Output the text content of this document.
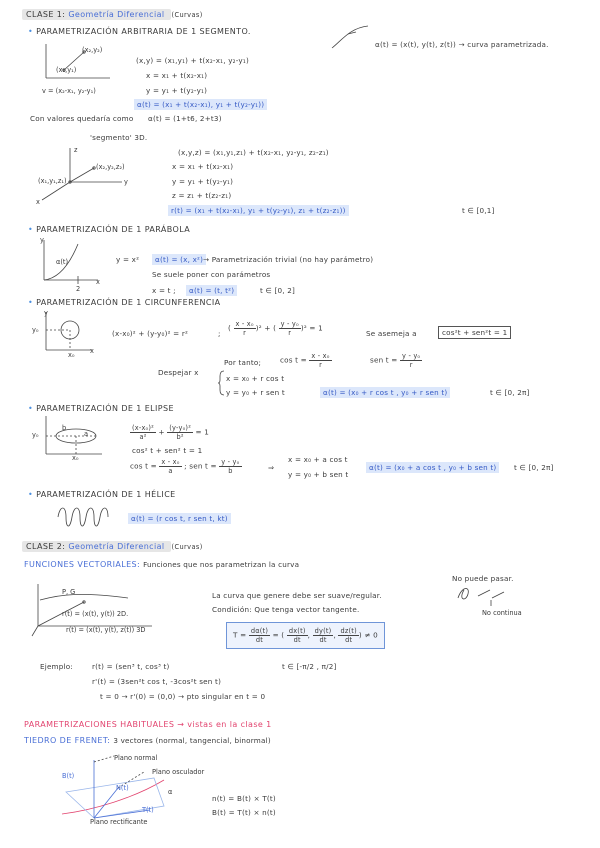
CLASE 1: Geometría Diferencial (Curvas)
α(t) = (x(t), y(t), z(t)) → curva parametrizada.
• PARAMETRIZACIÓN ARBITRARIA DE 1 SEGMENTO.
(x₂,y₂)
(x₁,y₁)
v = (x₂-x₁, y₂-y₁)
(x,y) = (x₁,y₁) + t(x₂-x₁, y₂-y₁)
x = x₁ + t(x₂-x₁)
y = y₁ + t(y₂-y₁)
α(t) = (x₁ + t(x₂-x₁), y₁ + t(y₂-y₁))
Con valores quedaría como α(t) = (1+t6, 2+t3)
'segmento' 3D.
z
y
x
(x₁,y₁,z₁)
(x₂,y₂,z₂)
(x,y,z) = (x₁,y₁,z₁) + t(x₂-x₁, y₂-y₁, z₂-z₁)
x = x₁ + t(x₂-x₁)
y = y₁ + t(y₂-y₁)
z = z₁ + t(z₂-z₁)
r(t) = (x₁ + t(x₂-x₁), y₁ + t(y₂-y₁), z₁ + t(z₂-z₁))	t ∈ [0,1]
• PARAMETRIZACIÓN DE 1 PARÁBOLA
y
x
α(t)
2
y = x²	α(t) = (x, x²) → Parametrización trivial (no hay parámetro)
Se suele poner con parámetros
x = t ;	α(t) = (t, t²)	t ∈ [0, 2]
• PARAMETRIZACIÓN DE 1 CIRCUNFERENCIA
y
x
y₀
x₀
(x-x₀)² + (y-y₀)² = r²	;
( $\frac{\text{x - x₀}}{r} )^2$ + ( $\frac{\text{y - y₀}}{r} )^2 = 1$
Se asemeja a	cos²t + sen²t = 1
Por tanto;	$\cos t = \frac{\text{x - x₀}}{r}$	sen $t = \frac{\text{y - y₀}}{r}$
Despejar x
x = x₀ + r cos t
y = y₀ + r sen t	α(t) = (x₀ + r cos t , y₀ + r sen t)	t ∈ [0, 2π]
• PARAMETRIZACIÓN DE 1 ELIPSE
y₀
x₀
b
a	$\frac{\text{(x-x₀)²}}{\text{a²}} + \frac{\text{(y-y₀)²}}{\text{b²}} = 1$
cos² t + sen² t = 1
$\cos t = \frac{\text{x - x₀}}{a}$ ; sen $t = \frac{\text{y - y₀}}{b}$	⇒
x = x₀ + a cos t
y = y₀ + b sen t
α(t) = (x₀ + a cos t , y₀ + b sen t)	t ∈ [0, 2π]
• PARAMETRIZACIÓN DE 1 HÉLICE
α(t) = (r cos t, r sen t, kt)
CLASE 2: Geometría Diferencial (Curvas)
FUNCIONES VECTORIALES: Funciones que nos parametrizan la curva
No puede pasar.
No continua
P, G
r(t) = (x(t), y(t)) 2D.
r(t) = (x(t), y(t), z(t)) 3D
La curva que genere debe ser suave/regular.
Condición: Que tenga vector tangente.
$T = \frac{d\alpha(t)}{dt}$ = ( $\frac{dx(t)}{dt}$ , $\frac{dy(t)}{dt}$ , $\frac{dz(t)}{dt}$ ) ≠ 0
Ejemplo:	r(t) = (sen³ t, cos³ t)	t ∈ [-π/2 , π/2]
r'(t) = (3sen²t cos t, -3cos²t sen t)
t = 0 → r'(0) = (0,0) → pto singular en t = 0
PARAMETRIZACIONES HABITUALES → vistas en la clase 1
TIEDRO DE FRENET: 3 vectores (normal, tangencial, binormal)
Plano normal
Plano osculador
Plano rectificante
B(t)
N(t)
T(t)
α
n(t) = B(t) × T(t)
B(t) = T(t) × n(t)
